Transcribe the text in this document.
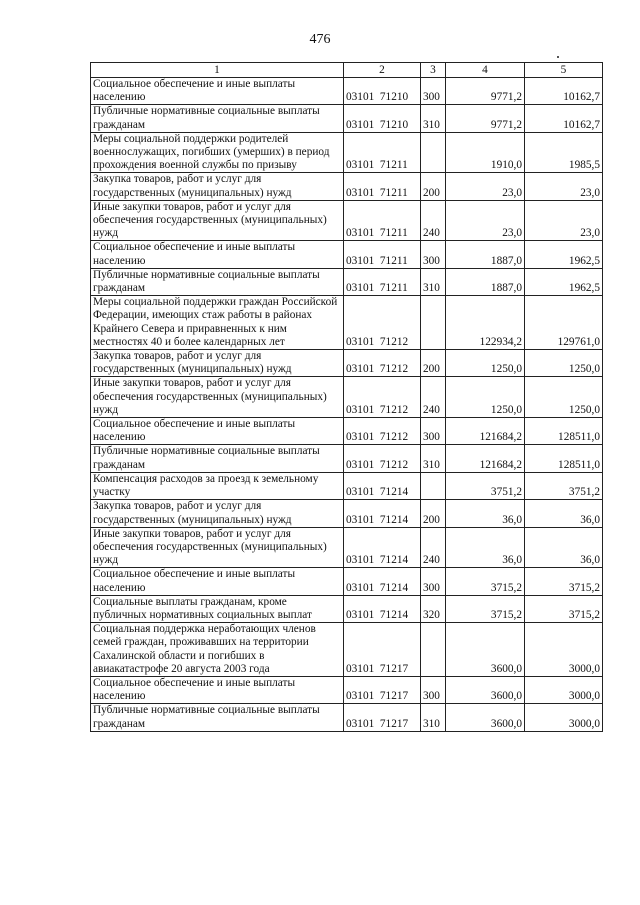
476
1	2	3	4	5
Социальное обеспечение и иные выплаты населению	03101  71210	300	9771,2	10162,7
Публичные нормативные социальные выплаты гражданам	03101  71210	310	9771,2	10162,7
Меры социальной поддержки родителей военнослужащих, погибших (умерших) в период прохождения военной службы по призыву	03101  71211		1910,0	1985,5
Закупка товаров, работ и услуг для государственных (муниципальных) нужд	03101  71211	200	23,0	23,0
Иные закупки товаров, работ и услуг для обеспечения государственных (муниципальных) нужд	03101  71211	240	23,0	23,0
Социальное обеспечение и иные выплаты населению	03101  71211	300	1887,0	1962,5
Публичные нормативные социальные выплаты гражданам	03101  71211	310	1887,0	1962,5
Меры социальной поддержки граждан Российской Федерации, имеющих стаж работы в районах Крайнего Севера и приравненных к ним местностях 40 и более календарных лет	03101  71212		122934,2	129761,0
Закупка товаров, работ и услуг для государственных (муниципальных) нужд	03101  71212	200	1250,0	1250,0
Иные закупки товаров, работ и услуг для обеспечения государственных (муниципальных) нужд	03101  71212	240	1250,0	1250,0
Социальное обеспечение и иные выплаты населению	03101  71212	300	121684,2	128511,0
Публичные нормативные социальные выплаты гражданам	03101  71212	310	121684,2	128511,0
Компенсация расходов за проезд к земельному участку	03101  71214		3751,2	3751,2
Закупка товаров, работ и услуг для государственных (муниципальных) нужд	03101  71214	200	36,0	36,0
Иные закупки товаров, работ и услуг для обеспечения государственных (муниципальных) нужд	03101  71214	240	36,0	36,0
Социальное обеспечение и иные выплаты населению	03101  71214	300	3715,2	3715,2
Социальные выплаты гражданам, кроме публичных нормативных социальных выплат	03101  71214	320	3715,2	3715,2
Социальная поддержка неработающих членов семей граждан, проживавших на территории Сахалинской области и погибших в авиакатастрофе 20 августа 2003 года	03101  71217		3600,0	3000,0
Социальное обеспечение и иные выплаты населению	03101  71217	300	3600,0	3000,0
Публичные нормативные социальные выплаты гражданам	03101  71217	310	3600,0	3000,0
